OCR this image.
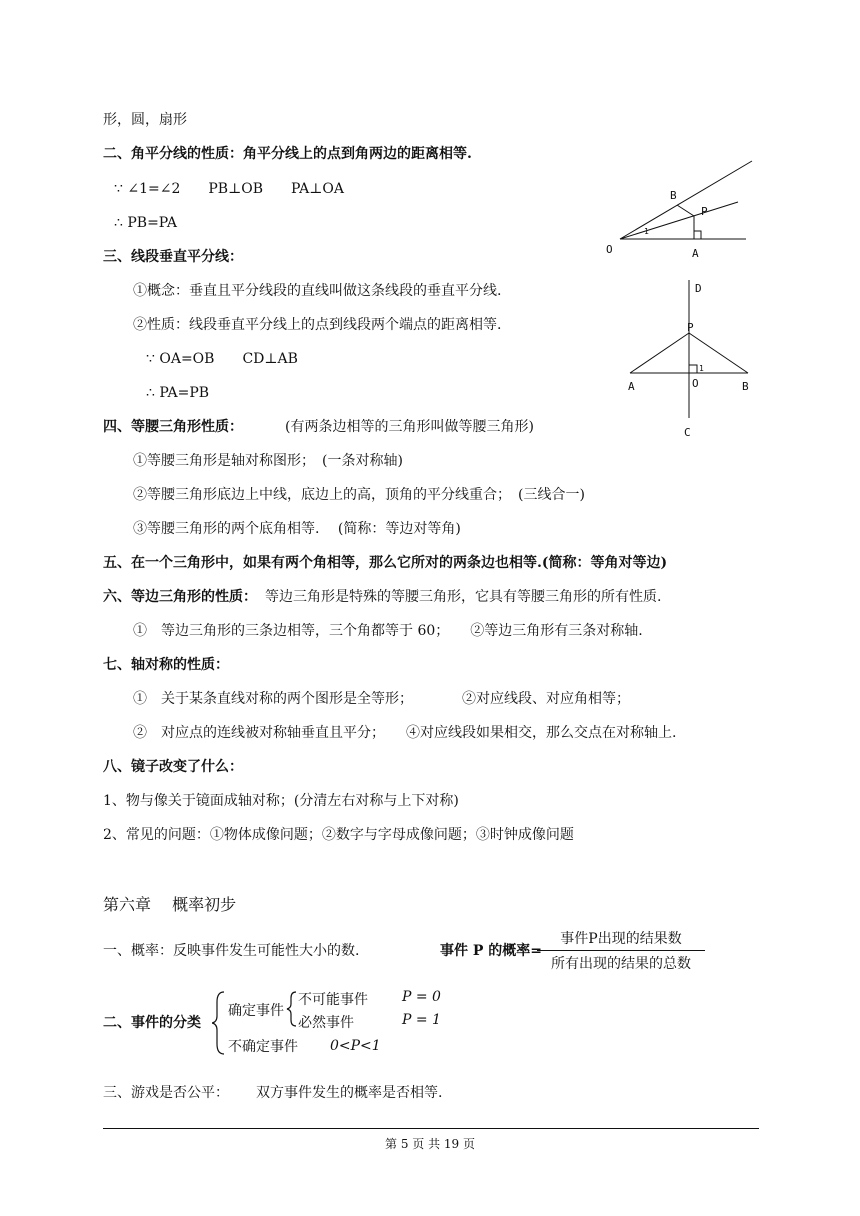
形，圆，扇形
二、角平分线的性质：角平分线上的点到角两边的距离相等.
∵ ∠1=∠2　　PB⊥OB　　PA⊥OA
∴ PB=PA
三、线段垂直平分线：
①概念：垂直且平分线段的直线叫做这条线段的垂直平分线.
②性质：线段垂直平分线上的点到线段两个端点的距离相等.
∵ OA=OB　　CD⊥AB
∴ PA=PB
四、等腰三角形性质：	(有两条边相等的三角形叫做等腰三角形)
①等腰三角形是轴对称图形；　(一条对称轴)
②等腰三角形底边上中线，底边上的高，顶角的平分线重合；　(三线合一)
③等腰三角形的两个底角相等.　 (简称：等边对等角)
五、在一个三角形中，如果有两个角相等，那么它所对的两条边也相等.(简称：等角对等边)
六、等边三角形的性质： 等边三角形是特殊的等腰三角形，它具有等腰三角形的所有性质.
①　等边三角形的三条边相等，三个角都等于 60；　　②等边三角形有三条对称轴.
七、轴对称的性质：
①　关于某条直线对称的两个图形是全等形；　　　　②对应线段、对应角相等；
②　对应点的连线被对称轴垂直且平分；　　④对应线段如果相交，那么交点在对称轴上.
八、镜子改变了什么：
1、物与像关于镜面成轴对称；(分清左右对称与上下对称)
2、常见的问题：①物体成像问题；②数字与字母成像问题；③时钟成像问题
第六章　 概率初步
一、概率：反映事件发生可能性大小的数.	事件 P 的概率=
事件P出现的结果数
所有出现的结果的总数
二、事件的分类
确定事件
不可能事件
必然事件
不确定事件
P = 0
P = 1
0<P<1
三、游戏是否公平： 双方事件发生的概率是否相等.
B
P
O	A
1
D
P
A	O	B
C
1
第 5 页 共 19 页
